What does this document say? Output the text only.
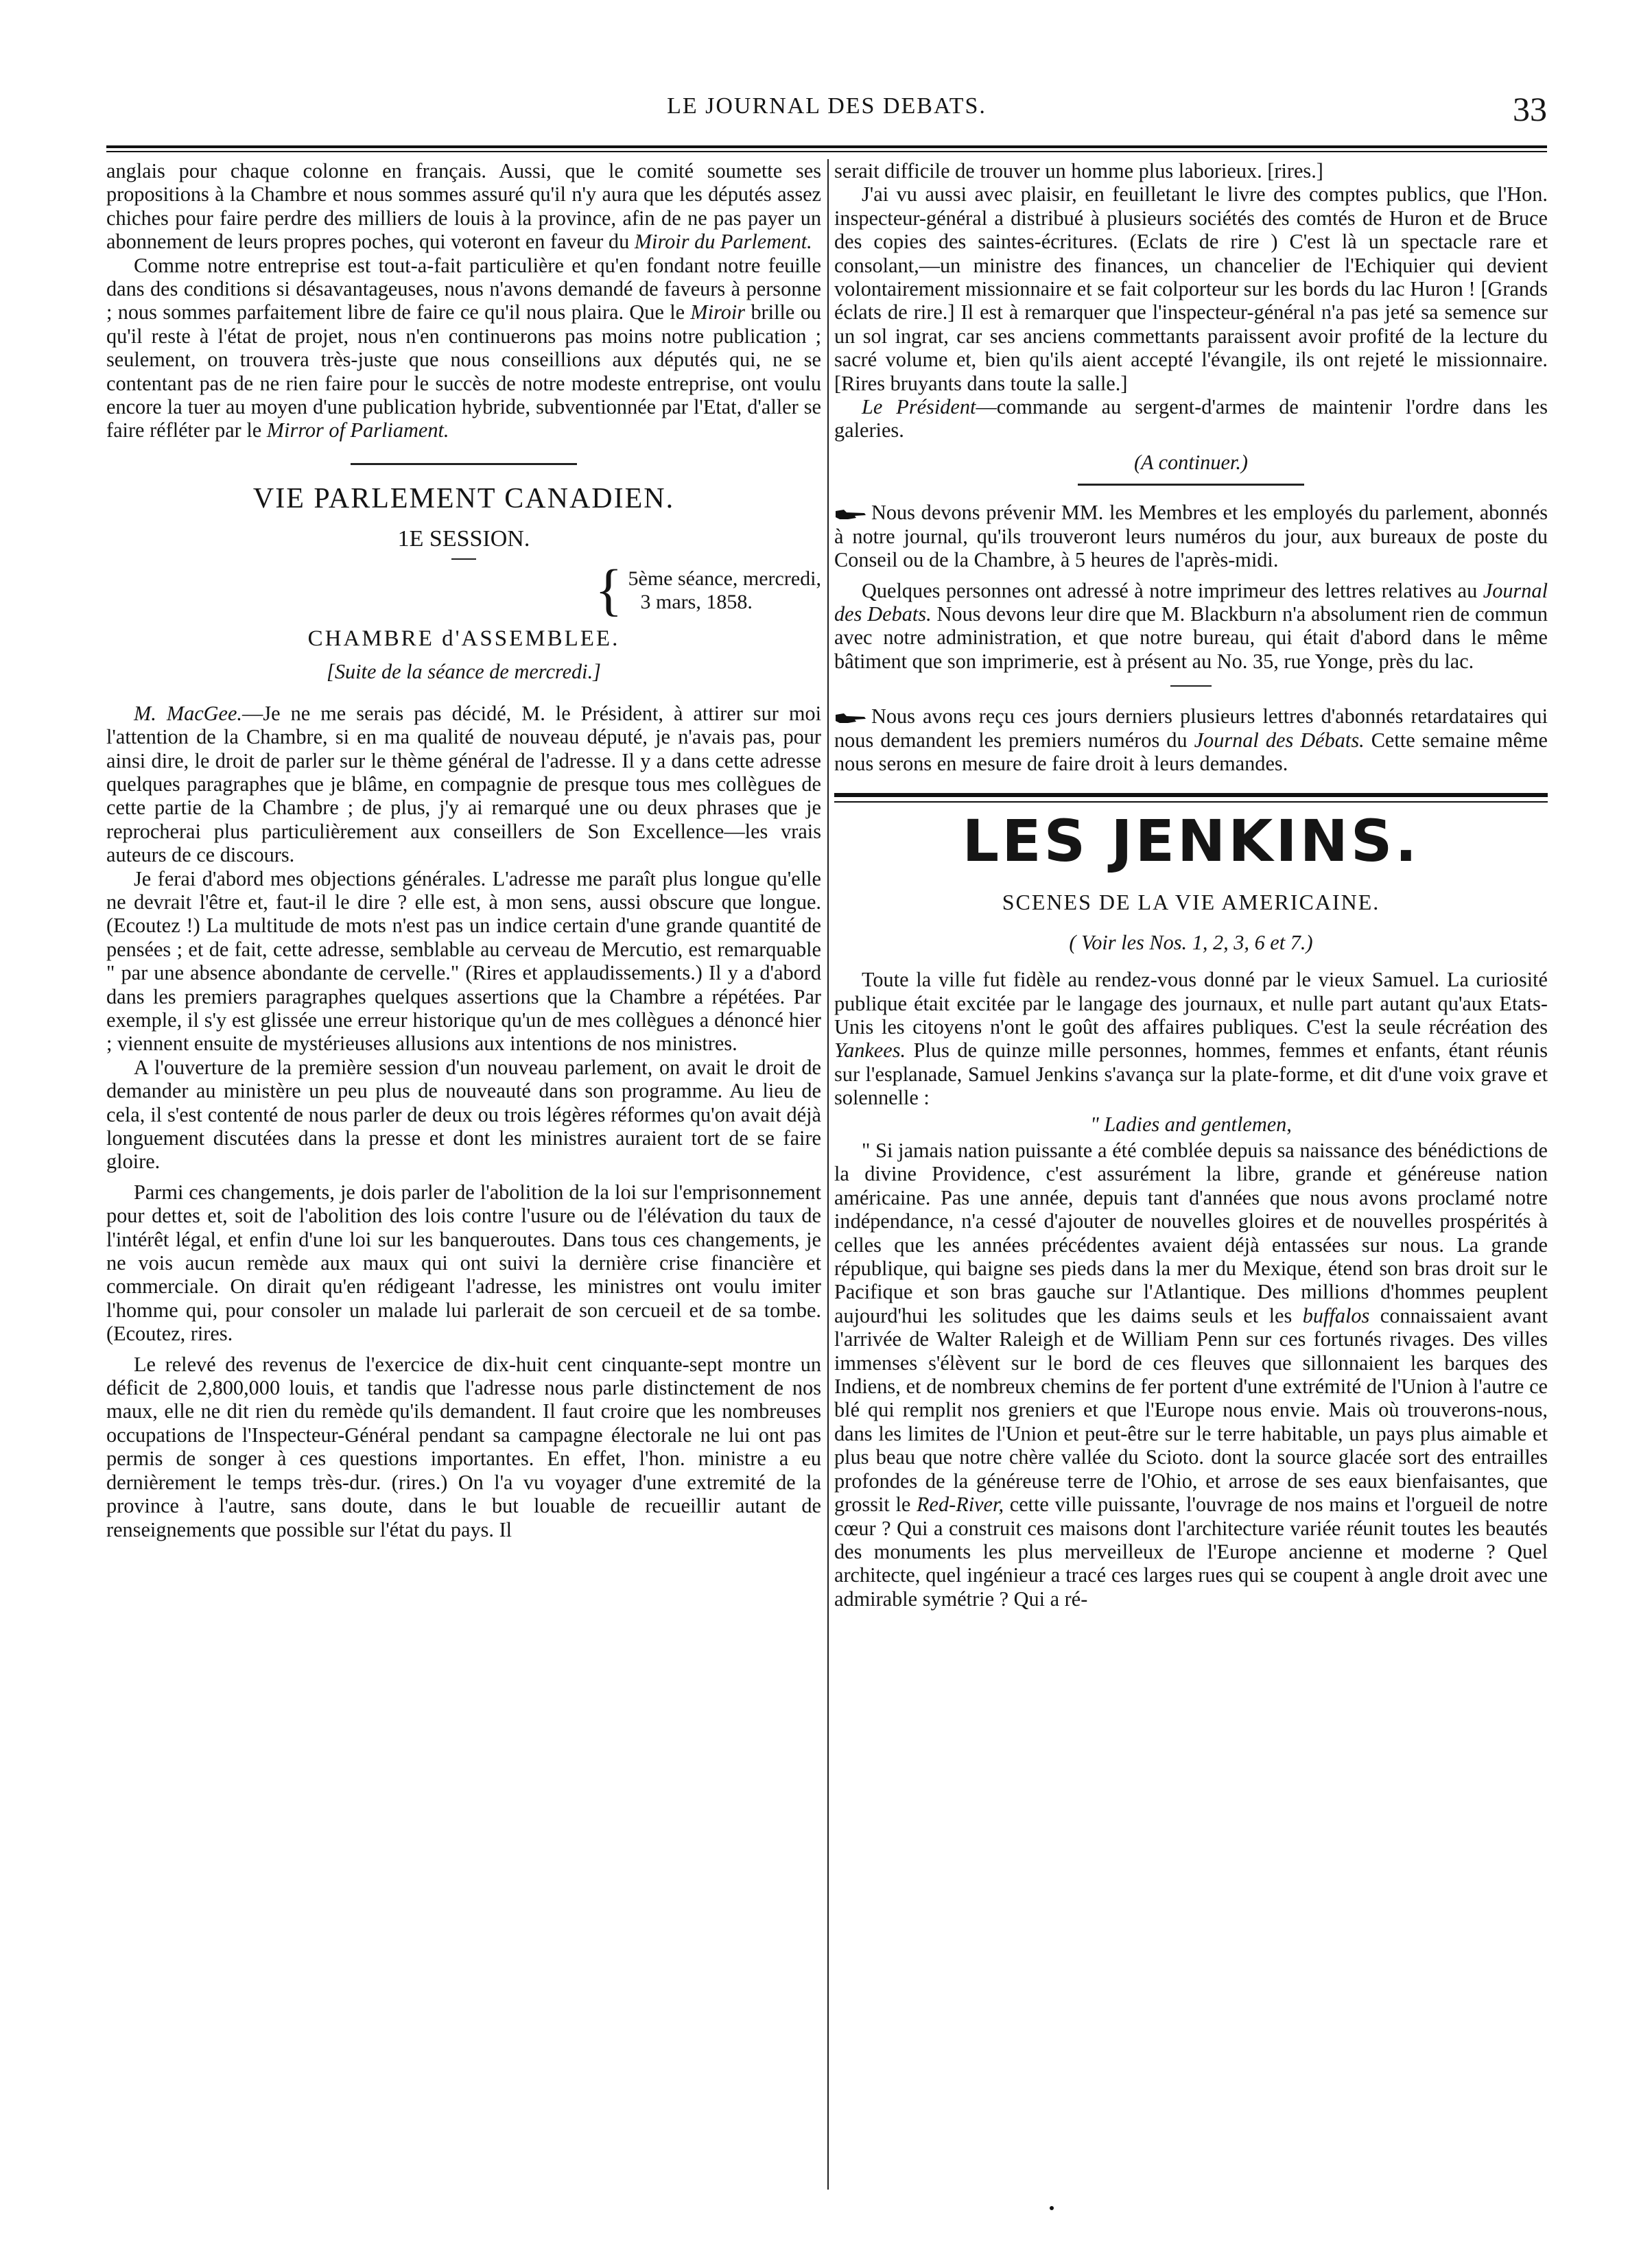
LE JOURNAL DES DEBATS.	33

anglais pour chaque colonne en français. Aussi, que le comité soumette ses propositions à la Chambre et nous sommes assuré qu'il n'y aura que les députés assez chiches pour faire perdre des milliers de louis à la province, afin de ne pas payer un abonnement de leurs propres poches, qui voteront en faveur du Miroir du Parlement.

Comme notre entreprise est tout-a-fait particulière et qu'en fondant notre feuille dans des conditions si désavantageuses, nous n'avons demandé de faveurs à personne ; nous sommes parfaitement libre de faire ce qu'il nous plaira. Que le Miroir brille ou qu'il reste à l'état de projet, nous n'en continuerons pas moins notre publication ; seulement, on trouvera très-juste que nous conseillions aux députés qui, ne se contentant pas de ne rien faire pour le succès de notre modeste entreprise, ont voulu encore la tuer au moyen d'une publication hybride, subventionnée par l'Etat, d'aller se faire réfléter par le Mirror of Parliament.

VIE PARLEMENT CANADIEN.
1E SESSION.
{ 5ème séance, mercredi,
3 mars, 1858.
CHAMBRE d'ASSEMBLEE.
[Suite de la séance de mercredi.]

M. MacGee.—Je ne me serais pas décidé, M. le Président, à attirer sur moi l'attention de la Chambre, si en ma qualité de nouveau député, je n'avais pas, pour ainsi dire, le droit de parler sur le thème général de l'adresse. Il y a dans cette adresse quelques paragraphes que je blâme, en compagnie de presque tous mes collègues de cette partie de la Chambre ; de plus, j'y ai remarqué une ou deux phrases que je reprocherai plus particulièrement aux conseillers de Son Excellence—les vrais auteurs de ce discours.

Je ferai d'abord mes objections générales. L'adresse me paraît plus longue qu'elle ne devrait l'être et, faut-il le dire ? elle est, à mon sens, aussi obscure que longue. (Ecoutez !) La multitude de mots n'est pas un indice certain d'une grande quantité de pensées ; et de fait, cette adresse, semblable au cerveau de Mercutio, est remarquable " par une absence abondante de cervelle." (Rires et applaudissements.) Il y a d'abord dans les premiers paragraphes quelques assertions que la Chambre a répétées. Par exemple, il s'y est glissée une erreur historique qu'un de mes collègues a dénoncé hier ; viennent ensuite de mystérieuses allusions aux intentions de nos ministres.

A l'ouverture de la première session d'un nouveau parlement, on avait le droit de demander au ministère un peu plus de nouveauté dans son programme. Au lieu de cela, il s'est contenté de nous parler de deux ou trois légères réformes qu'on avait déjà longuement discutées dans la presse et dont les ministres auraient tort de se faire gloire.

Parmi ces changements, je dois parler de l'abolition de la loi sur l'emprisonnement pour dettes et, soit de l'abolition des lois contre l'usure ou de l'élévation du taux de l'intérêt légal, et enfin d'une loi sur les banqueroutes. Dans tous ces changements, je ne vois aucun remède aux maux qui ont suivi la dernière crise financière et commerciale. On dirait qu'en rédigeant l'adresse, les ministres ont voulu imiter l'homme qui, pour consoler un malade lui parlerait de son cercueil et de sa tombe. (Ecoutez, rires.

Le relevé des revenus de l'exercice de dix-huit cent cinquante-sept montre un déficit de 2,800,000 louis, et tandis que l'adresse nous parle distinctement de nos maux, elle ne dit rien du remède qu'ils demandent. Il faut croire que les nombreuses occupations de l'Inspecteur-Général pendant sa campagne électorale ne lui ont pas permis de songer à ces questions importantes. En effet, l'hon. ministre a eu dernièrement le temps très-dur. (rires.) On l'a vu voyager d'une extremité de la province à l'autre, sans doute, dans le but louable de recueillir autant de renseignements que possible sur l'état du pays. Il

serait difficile de trouver un homme plus laborieux. [rires.]

J'ai vu aussi avec plaisir, en feuilletant le livre des comptes publics, que l'Hon. inspecteur-général a distribué à plusieurs sociétés des comtés de Huron et de Bruce des copies des saintes-écritures. (Eclats de rire ) C'est là un spectacle rare et consolant,—un ministre des finances, un chancelier de l'Echiquier qui devient volontairement missionnaire et se fait colporteur sur les bords du lac Huron ! [Grands éclats de rire.] Il est à remarquer que l'inspecteur-général n'a pas jeté sa semence sur un sol ingrat, car ses anciens commettants paraissent avoir profité de la lecture du sacré volume et, bien qu'ils aient accepté l'évangile, ils ont rejeté le missionnaire. [Rires bruyants dans toute la salle.]

Le Président—commande au sergent-d'armes de maintenir l'ordre dans les galeries.

(A continuer.)

Nous devons prévenir MM. les Membres et les employés du parlement, abonnés à notre journal, qu'ils trouveront leurs numéros du jour, aux bureaux de poste du Conseil ou de la Chambre, à 5 heures de l'après-midi.

Quelques personnes ont adressé à notre imprimeur des lettres relatives au Journal des Debats. Nous devons leur dire que M. Blackburn n'a absolument rien de commun avec notre administration, et que notre bureau, qui était d'abord dans le même bâtiment que son imprimerie, est à présent au No. 35, rue Yonge, près du lac.

Nous avons reçu ces jours derniers plusieurs lettres d'abonnés retardataires qui nous demandent les premiers numéros du Journal des Débats. Cette semaine même nous serons en mesure de faire droit à leurs demandes.

LES JENKINS.
SCENES DE LA VIE AMERICAINE.
( Voir les Nos. 1, 2, 3, 6 et 7.)

Toute la ville fut fidèle au rendez-vous donné par le vieux Samuel. La curiosité publique était excitée par le langage des journaux, et nulle part autant qu'aux Etats-Unis les citoyens n'ont le goût des affaires publiques. C'est la seule récréation des Yankees. Plus de quinze mille personnes, hommes, femmes et enfants, étant réunis sur l'esplanade, Samuel Jenkins s'avança sur la plate-forme, et dit d'une voix grave et solennelle :

" Ladies and gentlemen,

" Si jamais nation puissante a été comblée depuis sa naissance des bénédictions de la divine Providence, c'est assurément la libre, grande et généreuse nation américaine. Pas une année, depuis tant d'années que nous avons proclamé notre indépendance, n'a cessé d'ajouter de nouvelles gloires et de nouvelles prospérités à celles que les années précédentes avaient déjà entassées sur nous. La grande république, qui baigne ses pieds dans la mer du Mexique, étend son bras droit sur le Pacifique et son bras gauche sur l'Atlantique. Des millions d'hommes peuplent aujourd'hui les solitudes que les daims seuls et les buffalos connaissaient avant l'arrivée de Walter Raleigh et de William Penn sur ces fortunés rivages. Des villes immenses s'élèvent sur le bord de ces fleuves que sillonnaient les barques des Indiens, et de nombreux chemins de fer portent d'une extrémité de l'Union à l'autre ce blé qui remplit nos greniers et que l'Europe nous envie. Mais où trouverons-nous, dans les limites de l'Union et peut-être sur le terre habitable, un pays plus aimable et plus beau que notre chère vallée du Scioto. dont la source glacée sort des entrailles profondes de la généreuse terre de l'Ohio, et arrose de ses eaux bienfaisantes, que grossit le Red-River, cette ville puissante, l'ouvrage de nos mains et l'orgueil de notre cœur ? Qui a construit ces maisons dont l'architecture variée réunit toutes les beautés des monuments les plus merveilleux de l'Europe ancienne et moderne ? Quel architecte, quel ingénieur a tracé ces larges rues qui se coupent à angle droit avec une admirable symétrie ? Qui a ré-
